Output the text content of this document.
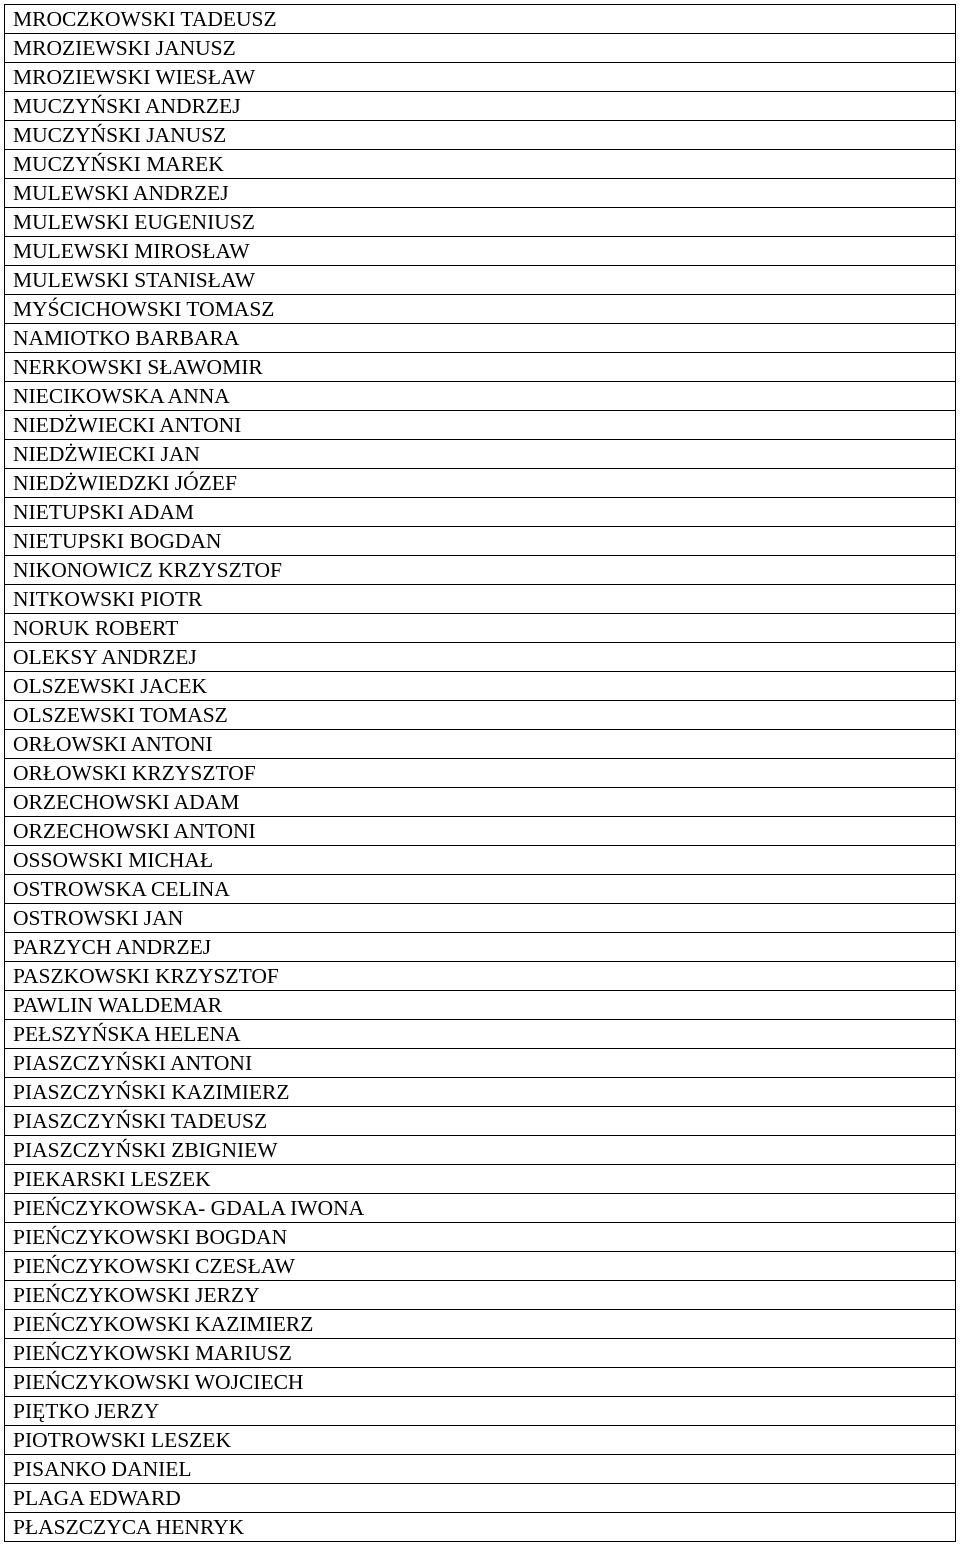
MROCZKOWSKI TADEUSZ
MROZIEWSKI JANUSZ
MROZIEWSKI WIESŁAW
MUCZYŃSKI ANDRZEJ
MUCZYŃSKI JANUSZ
MUCZYŃSKI MAREK
MULEWSKI ANDRZEJ
MULEWSKI EUGENIUSZ
MULEWSKI MIROSŁAW
MULEWSKI STANISŁAW
MYŚCICHOWSKI TOMASZ
NAMIOTKO BARBARA
NERKOWSKI SŁAWOMIR
NIECIKOWSKA ANNA
NIEDŻWIECKI ANTONI
NIEDŻWIECKI JAN
NIEDŻWIEDZKI JÓZEF
NIETUPSKI ADAM
NIETUPSKI BOGDAN
NIKONOWICZ KRZYSZTOF
NITKOWSKI PIOTR
NORUK ROBERT
OLEKSY ANDRZEJ
OLSZEWSKI JACEK
OLSZEWSKI TOMASZ
ORŁOWSKI ANTONI
ORŁOWSKI KRZYSZTOF
ORZECHOWSKI ADAM
ORZECHOWSKI ANTONI
OSSOWSKI MICHAŁ
OSTROWSKA CELINA
OSTROWSKI JAN
PARZYCH ANDRZEJ
PASZKOWSKI KRZYSZTOF
PAWLIN WALDEMAR
PEŁSZYŃSKA HELENA
PIASZCZYŃSKI ANTONI
PIASZCZYŃSKI KAZIMIERZ
PIASZCZYŃSKI TADEUSZ
PIASZCZYŃSKI ZBIGNIEW
PIEKARSKI LESZEK
PIEŃCZYKOWSKA- GDALA IWONA
PIEŃCZYKOWSKI BOGDAN
PIEŃCZYKOWSKI CZESŁAW
PIEŃCZYKOWSKI JERZY
PIEŃCZYKOWSKI KAZIMIERZ
PIEŃCZYKOWSKI MARIUSZ
PIEŃCZYKOWSKI WOJCIECH
PIĘTKO JERZY
PIOTROWSKI LESZEK
PISANKO DANIEL
PLAGA EDWARD
PŁASZCZYCA HENRYK
